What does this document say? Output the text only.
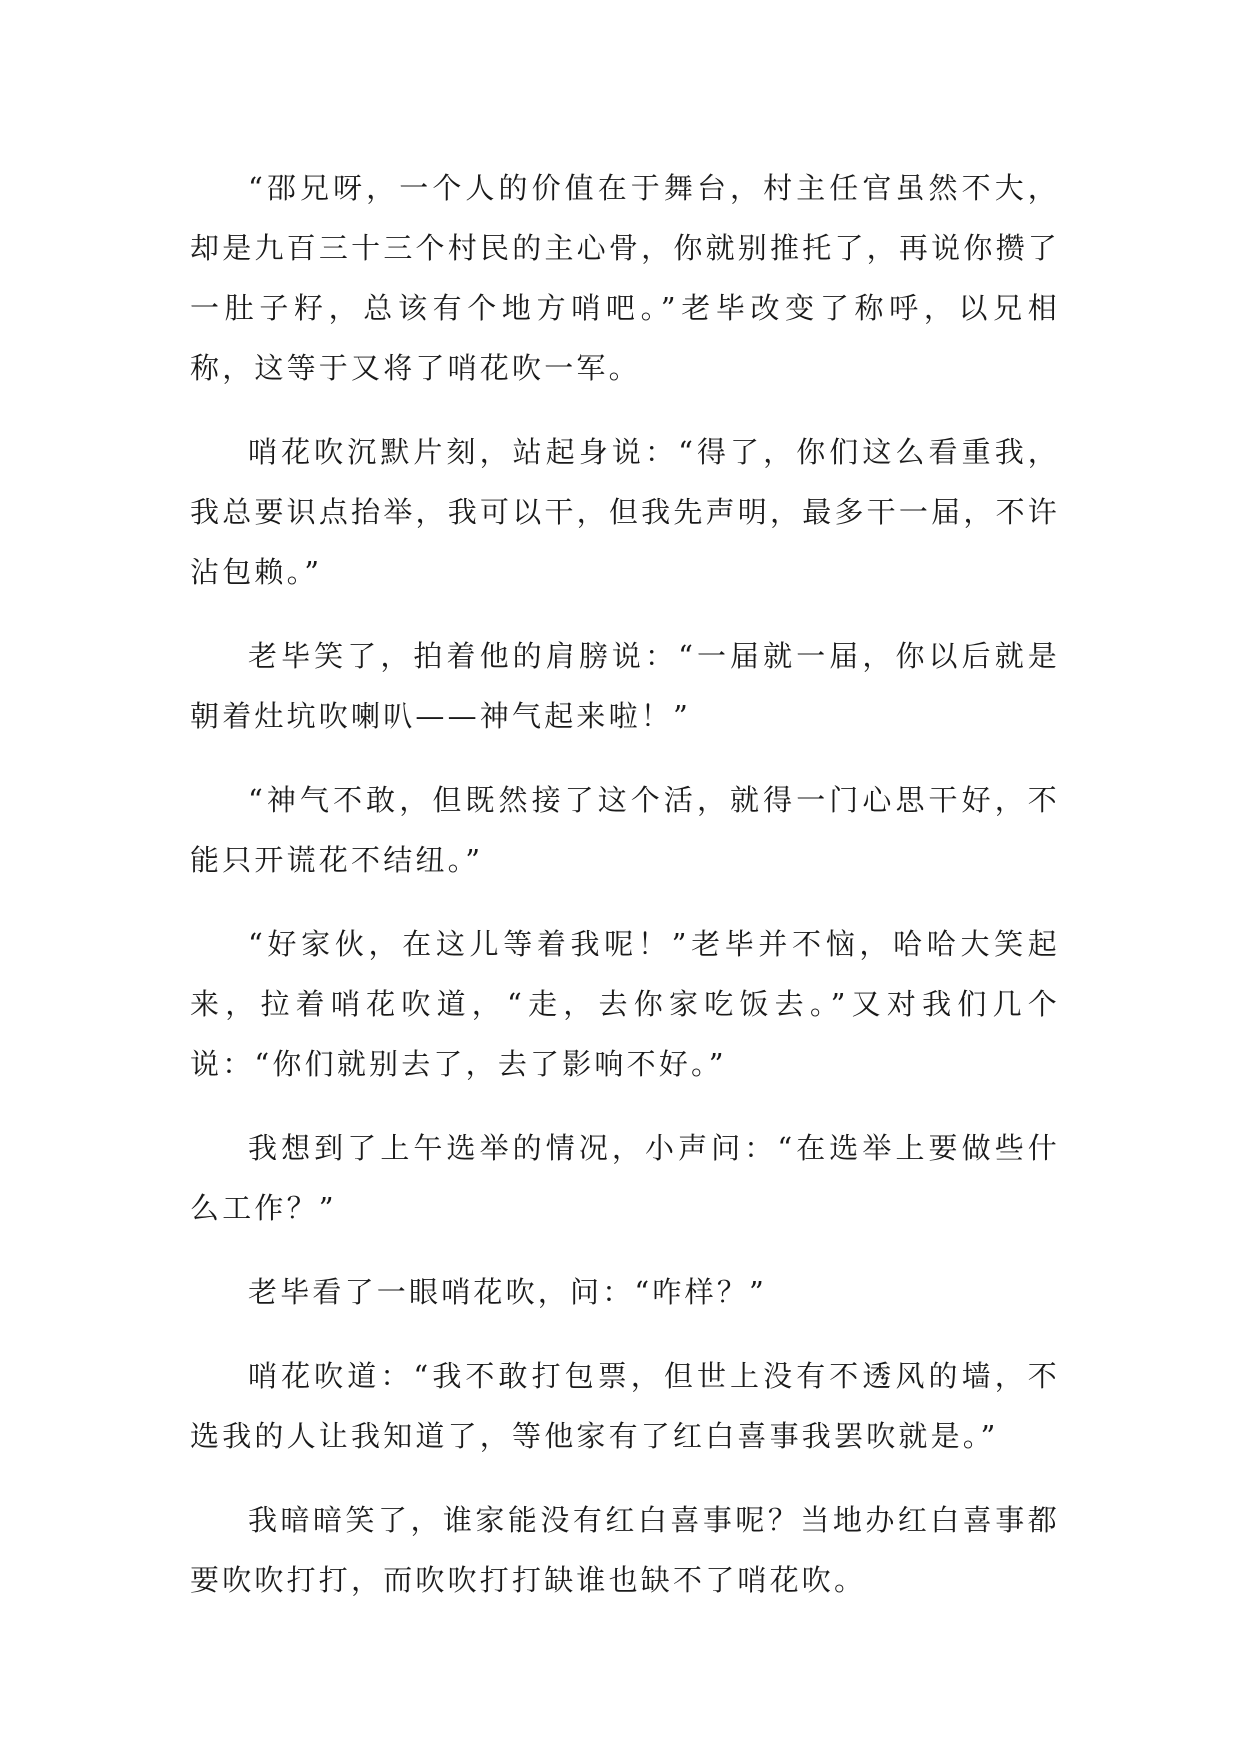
“邵兄呀，一个人的价值在于舞台，村主任官虽然不大，却是九百三十三个村民的主心骨，你就别推托了，再说你攒了一肚子籽，总该有个地方哨吧。”老毕改变了称呼，以兄相称，这等于又将了哨花吹一军。

哨花吹沉默片刻，站起身说：“得了，你们这么看重我，我总要识点抬举，我可以干，但我先声明，最多干一届，不许沾包赖。”

老毕笑了，拍着他的肩膀说：“一届就一届，你以后就是朝着灶坑吹喇叭——神气起来啦！”

“神气不敢，但既然接了这个活，就得一门心思干好，不能只开谎花不结纽。”

“好家伙，在这儿等着我呢！”老毕并不恼，哈哈大笑起来，拉着哨花吹道，“走，去你家吃饭去。”又对我们几个说：“你们就别去了，去了影响不好。”

我想到了上午选举的情况，小声问：“在选举上要做些什么工作？”

老毕看了一眼哨花吹，问：“咋样？”

哨花吹道：“我不敢打包票，但世上没有不透风的墙，不选我的人让我知道了，等他家有了红白喜事我罢吹就是。”

我暗暗笑了，谁家能没有红白喜事呢？当地办红白喜事都要吹吹打打，而吹吹打打缺谁也缺不了哨花吹。
